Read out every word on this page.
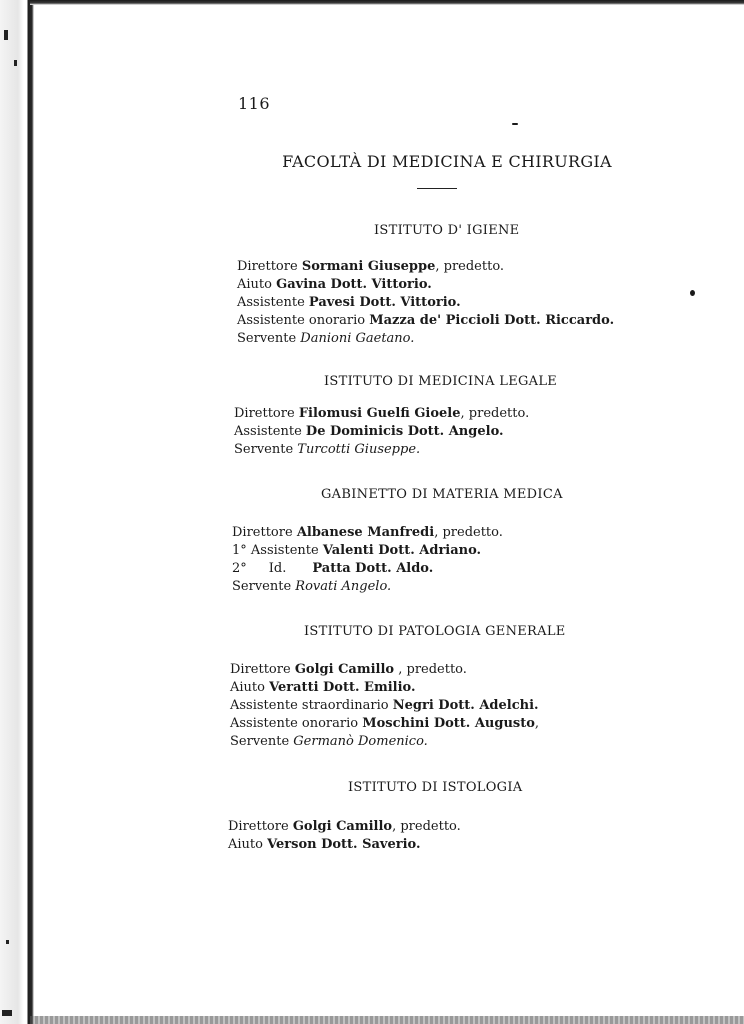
116
FACOLTÀ DI MEDICINA E CHIRURGIA
ISTITUTO D' IGIENE
Direttore Sormani Giuseppe, predetto.
Aiuto Gavina Dott. Vittorio.
Assistente Pavesi Dott. Vittorio.
Assistente onorario Mazza de' Piccioli Dott. Riccardo.
Servente Danioni Gaetano.
ISTITUTO DI MEDICINA LEGALE
Direttore Filomusi Guelfi Gioele, predetto.
Assistente De Dominicis Dott. Angelo.
Servente Turcotti Giuseppe.
GABINETTO DI MATERIA MEDICA
Direttore Albanese Manfredi, predetto.
1° Assistente Valenti Dott. Adriano.
2° Id. Patta Dott. Aldo.
Servente Rovati Angelo.
ISTITUTO DI PATOLOGIA GENERALE
Direttore Golgi Camillo , predetto.
Aiuto Veratti Dott. Emilio.
Assistente straordinario Negri Dott. Adelchi.
Assistente onorario Moschini Dott. Augusto,
Servente Germanò Domenico.
ISTITUTO DI ISTOLOGIA
Direttore Golgi Camillo, predetto.
Aiuto Verson Dott. Saverio.
